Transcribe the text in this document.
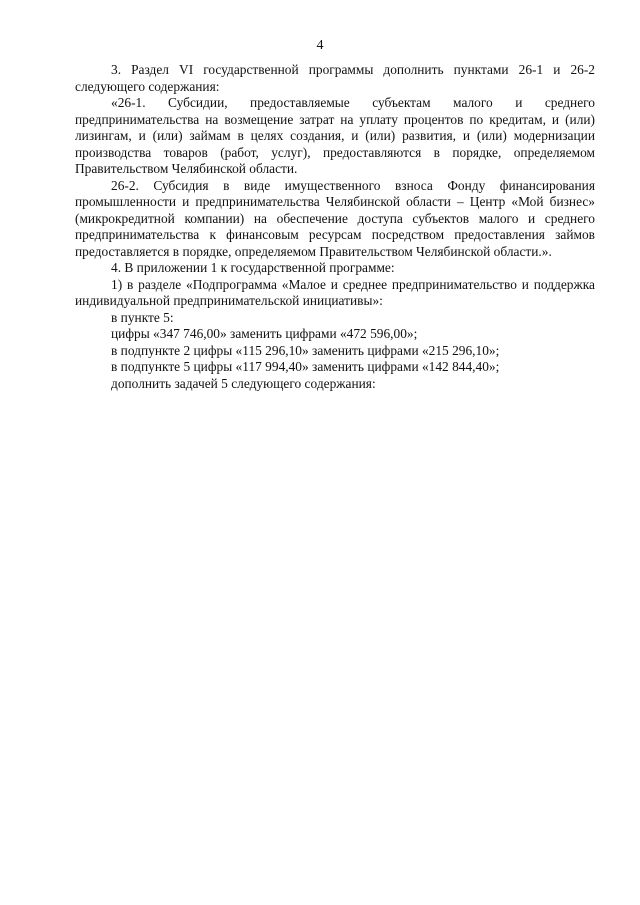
4

3. Раздел VI государственной программы дополнить пунктами 26-1 и 26-2 следующего содержания:

«26-1. Субсидии, предоставляемые субъектам малого и среднего предпринимательства на возмещение затрат на уплату процентов по кредитам, и (или) лизингам, и (или) займам в целях создания, и (или) развития, и (или) модернизации производства товаров (работ, услуг), предоставляются в порядке, определяемом Правительством Челябинской области.

26-2. Субсидия в виде имущественного взноса Фонду финансирования промышленности и предпринимательства Челябинской области – Центр «Мой бизнес» (микрокредитной компании) на обеспечение доступа субъектов малого и среднего предпринимательства к финансовым ресурсам посредством предоставления займов предоставляется в порядке, определяемом Правительством Челябинской области.».

4. В приложении 1 к государственной программе:

1) в разделе «Подпрограмма «Малое и среднее предпринимательство и поддержка индивидуальной предпринимательской инициативы»:

в пункте 5:

цифры «347 746,00» заменить цифрами «472 596,00»;

в подпункте 2 цифры «115 296,10» заменить цифрами «215 296,10»;

в подпункте 5 цифры «117 994,40» заменить цифрами «142 844,40»;

дополнить задачей 5 следующего содержания:
